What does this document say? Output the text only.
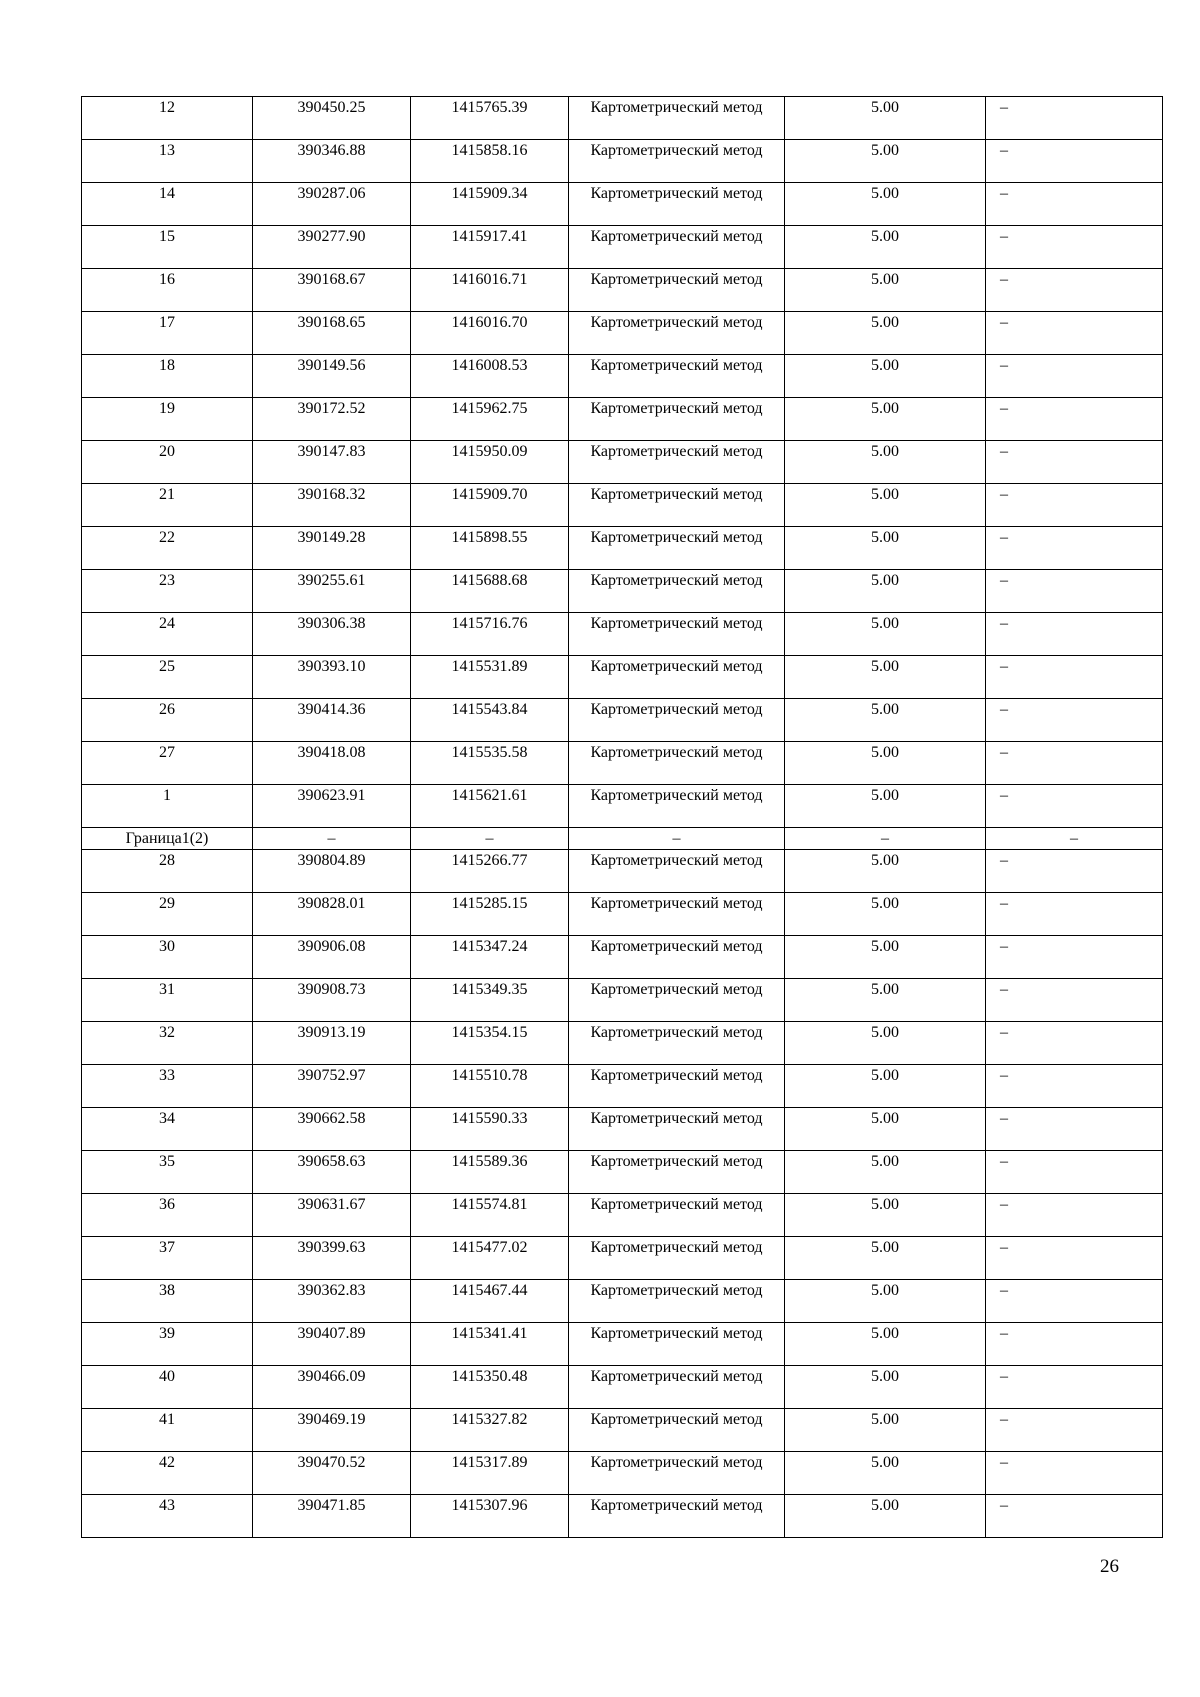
12	390450.25	1415765.39	Картометрический метод	5.00	–
13	390346.88	1415858.16	Картометрический метод	5.00	–
14	390287.06	1415909.34	Картометрический метод	5.00	–
15	390277.90	1415917.41	Картометрический метод	5.00	–
16	390168.67	1416016.71	Картометрический метод	5.00	–
17	390168.65	1416016.70	Картометрический метод	5.00	–
18	390149.56	1416008.53	Картометрический метод	5.00	–
19	390172.52	1415962.75	Картометрический метод	5.00	–
20	390147.83	1415950.09	Картометрический метод	5.00	–
21	390168.32	1415909.70	Картометрический метод	5.00	–
22	390149.28	1415898.55	Картометрический метод	5.00	–
23	390255.61	1415688.68	Картометрический метод	5.00	–
24	390306.38	1415716.76	Картометрический метод	5.00	–
25	390393.10	1415531.89	Картометрический метод	5.00	–
26	390414.36	1415543.84	Картометрический метод	5.00	–
27	390418.08	1415535.58	Картометрический метод	5.00	–
1	390623.91	1415621.61	Картометрический метод	5.00	–
Граница1(2)	–	–	–	–	–
28	390804.89	1415266.77	Картометрический метод	5.00	–
29	390828.01	1415285.15	Картометрический метод	5.00	–
30	390906.08	1415347.24	Картометрический метод	5.00	–
31	390908.73	1415349.35	Картометрический метод	5.00	–
32	390913.19	1415354.15	Картометрический метод	5.00	–
33	390752.97	1415510.78	Картометрический метод	5.00	–
34	390662.58	1415590.33	Картометрический метод	5.00	–
35	390658.63	1415589.36	Картометрический метод	5.00	–
36	390631.67	1415574.81	Картометрический метод	5.00	–
37	390399.63	1415477.02	Картометрический метод	5.00	–
38	390362.83	1415467.44	Картометрический метод	5.00	–
39	390407.89	1415341.41	Картометрический метод	5.00	–
40	390466.09	1415350.48	Картометрический метод	5.00	–
41	390469.19	1415327.82	Картометрический метод	5.00	–
42	390470.52	1415317.89	Картометрический метод	5.00	–
43	390471.85	1415307.96	Картометрический метод	5.00	–
26
